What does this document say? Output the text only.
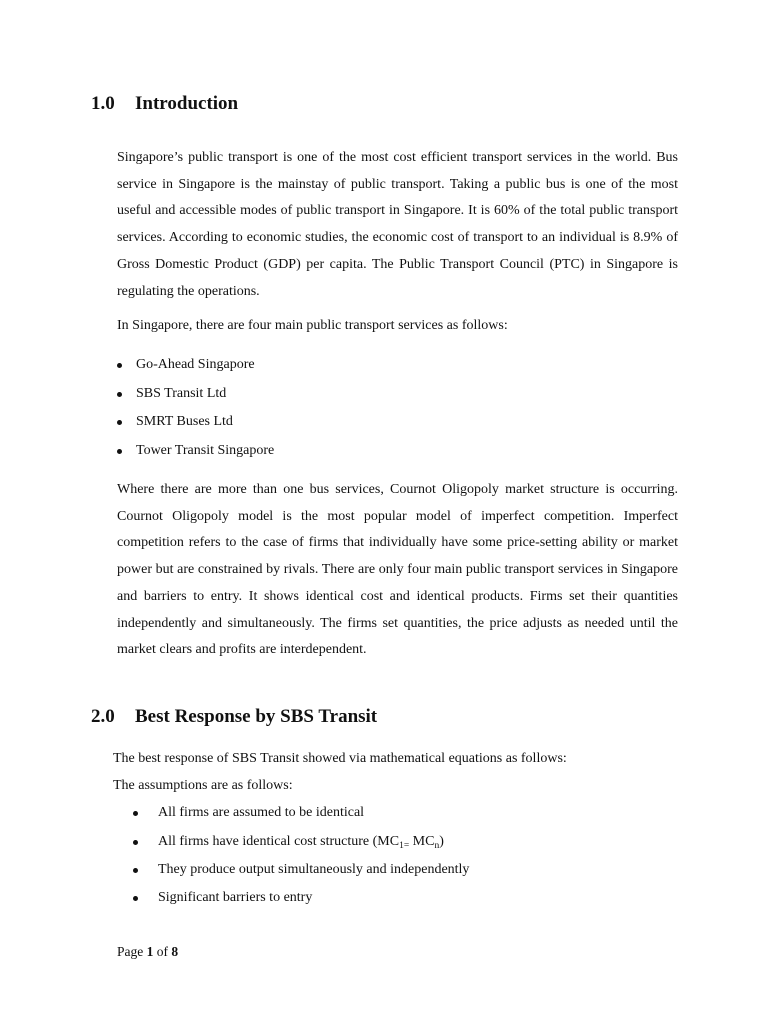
1.0 Introduction

Singapore’s public transport is one of the most cost efficient transport services in the world. Bus service in Singapore is the mainstay of public transport. Taking a public bus is one of the most useful and accessible modes of public transport in Singapore. It is 60% of the total public transport services. According to economic studies, the economic cost of transport to an individual is 8.9% of Gross Domestic Product (GDP) per capita. The Public Transport Council (PTC) in Singapore is regulating the operations.

In Singapore, there are four main public transport services as follows:

Go-Ahead Singapore
SBS Transit Ltd
SMRT Buses Ltd
Tower Transit Singapore

Where there are more than one bus services, Cournot Oligopoly market structure is occurring. Cournot Oligopoly model is the most popular model of imperfect competition. Imperfect competition refers to the case of firms that individually have some price-setting ability or market power but are constrained by rivals. There are only four main public transport services in Singapore and barriers to entry. It shows identical cost and identical products. Firms set their quantities independently and simultaneously. The firms set quantities, the price adjusts as needed until the market clears and profits are interdependent.

2.0 Best Response by SBS Transit

The best response of SBS Transit showed via mathematical equations as follows:

The assumptions are as follows:

All firms are assumed to be identical
All firms have identical cost structure ($MC_{1=}$ $MC_n$)
They produce output simultaneously and independently
Significant barriers to entry
Page 1 of 8
